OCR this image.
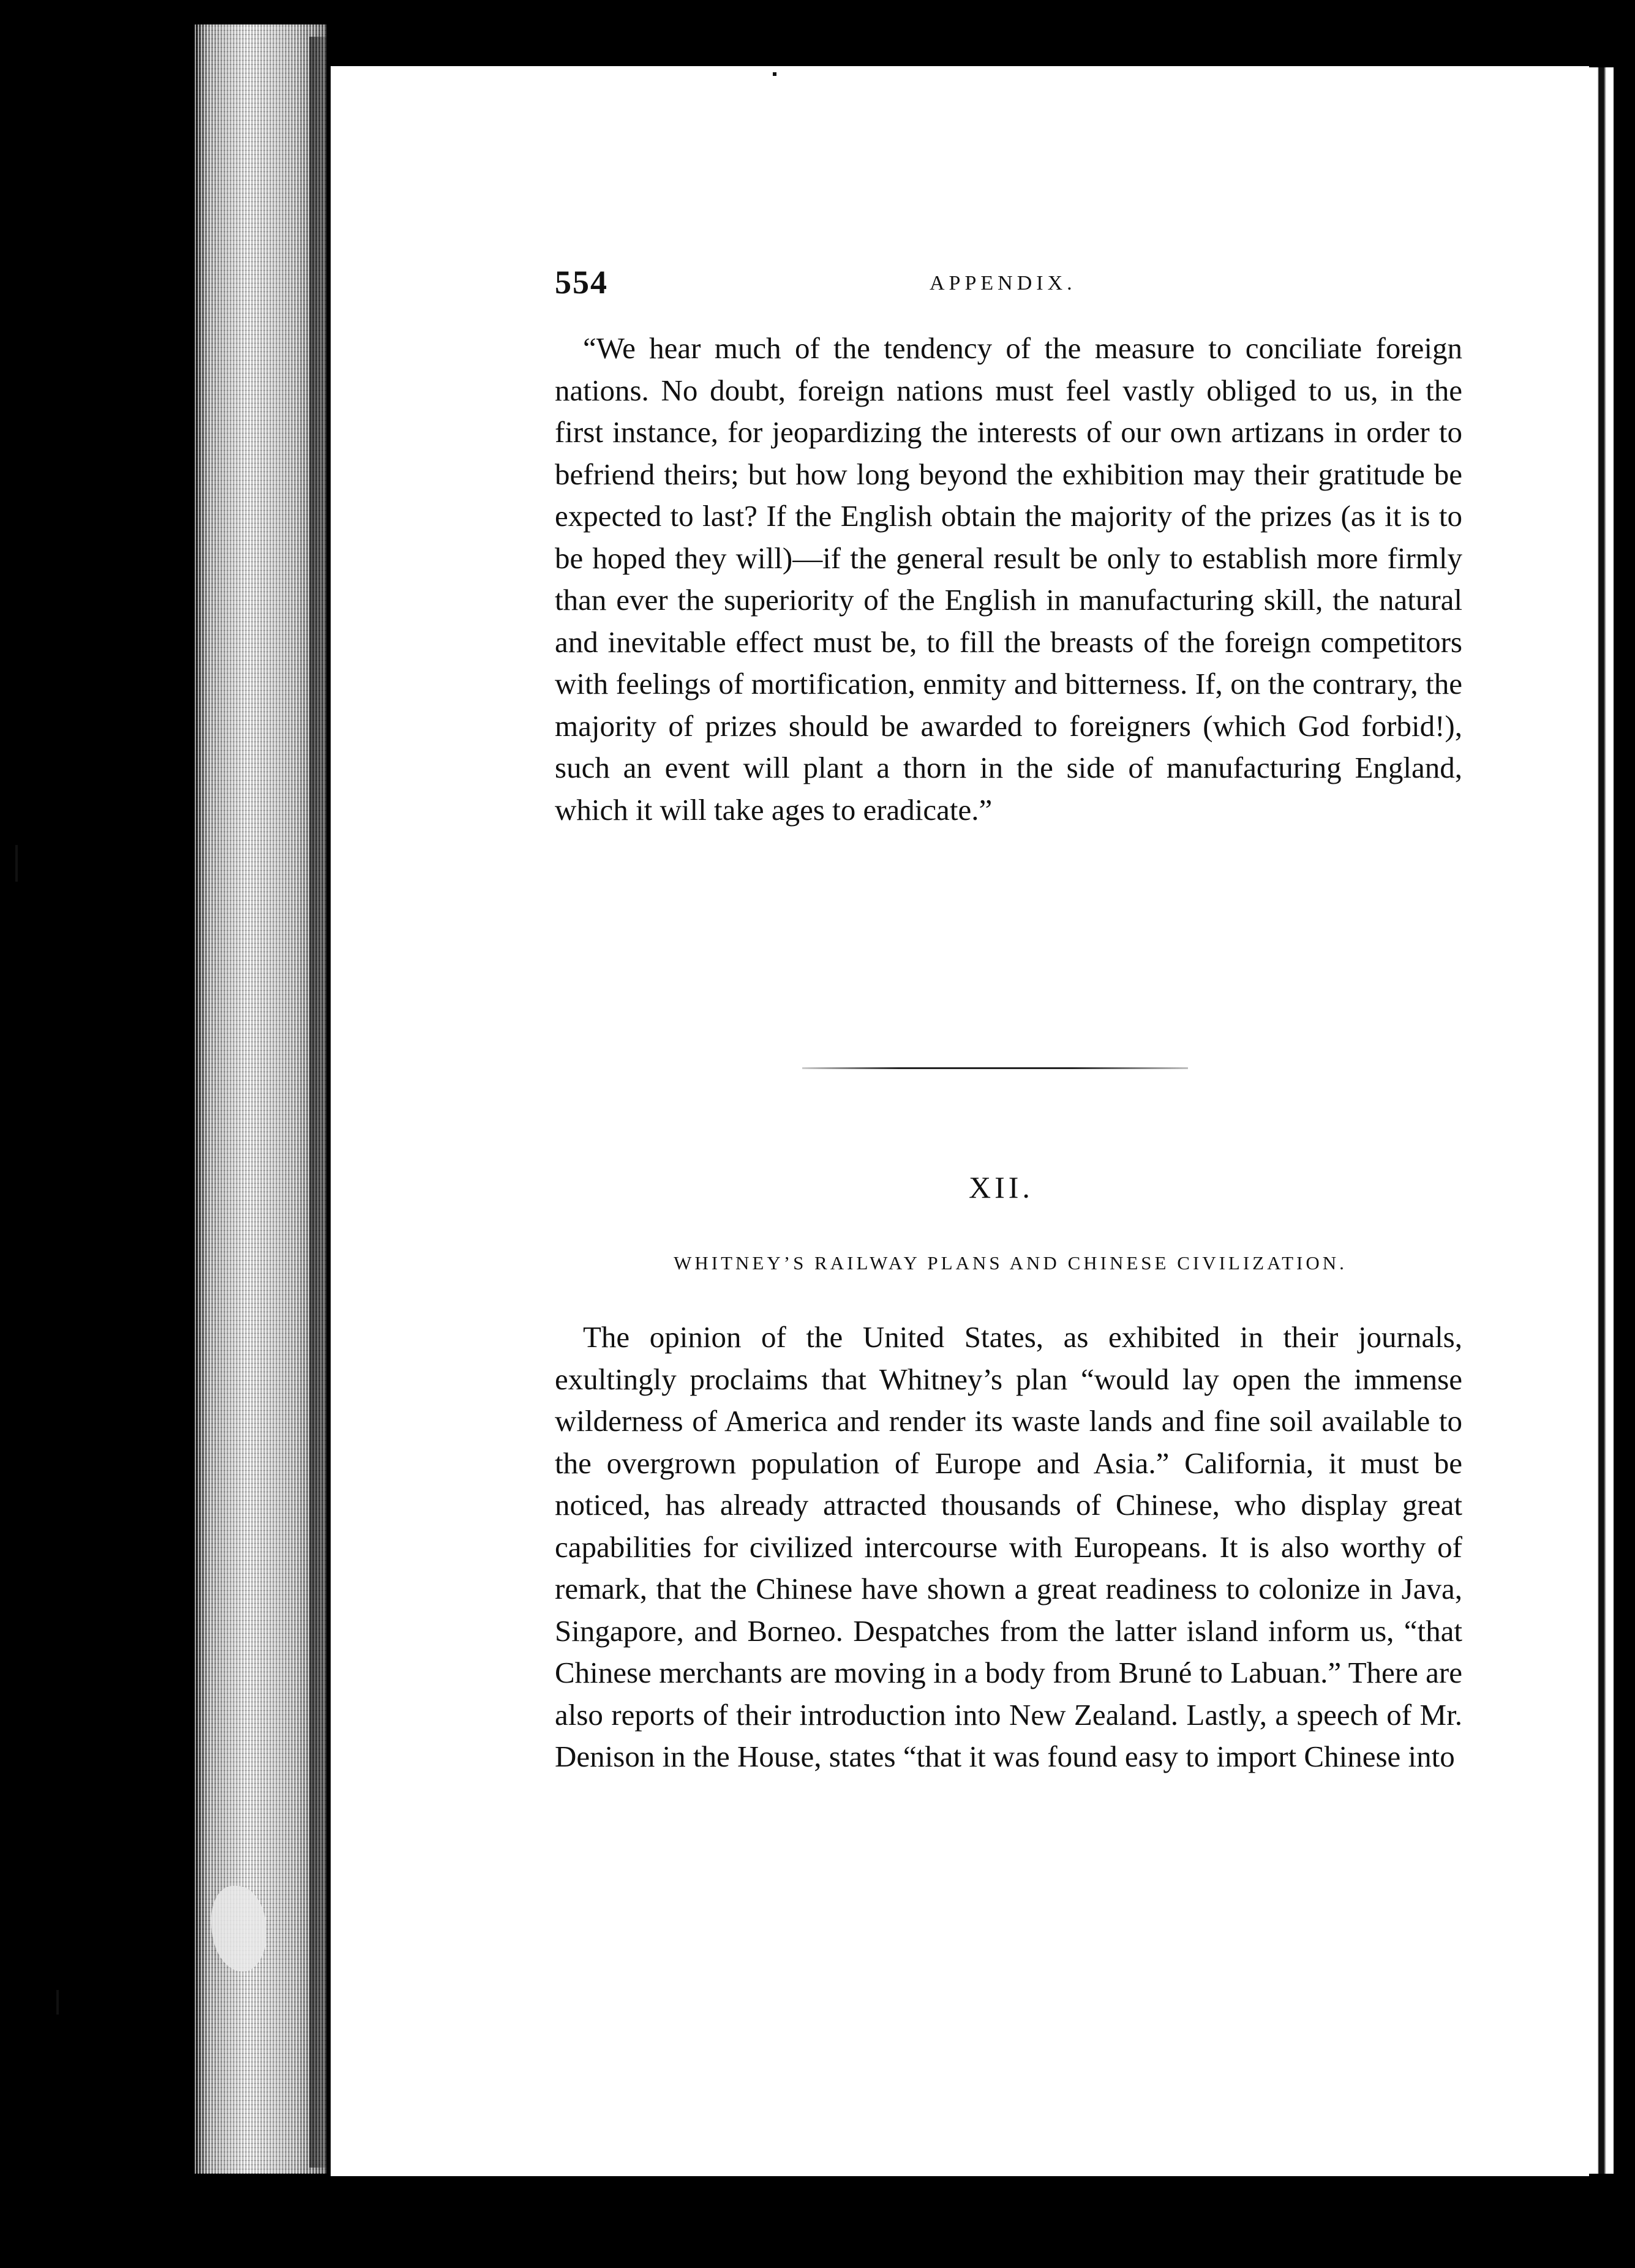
554	APPENDIX.

“We hear much of the tendency of the measure to conciliate foreign nations. No doubt, foreign nations must feel vastly obliged to us, in the first instance, for jeopardizing the interests of our own artizans in order to befriend theirs; but how long beyond the exhibition may their gratitude be expected to last? If the English obtain the majority of the prizes (as it is to be hoped they will)—if the general result be only to establish more firmly than ever the superiority of the English in manufacturing skill, the natural and inevitable effect must be, to fill the breasts of the foreign competitors with feelings of mortification, enmity and bitterness. If, on the contrary, the majority of prizes should be awarded to foreigners (which God forbid!), such an event will plant a thorn in the side of manufacturing England, which it will take ages to eradicate.”

XII.
WHITNEY’S RAILWAY PLANS AND CHINESE CIVILIZATION.

The opinion of the United States, as exhibited in their journals, exultingly proclaims that Whitney’s plan “would lay open the immense wilderness of America and render its waste lands and fine soil available to the overgrown population of Europe and Asia.” California, it must be noticed, has already attracted thousands of Chinese, who display great capabilities for civilized intercourse with Europeans. It is also worthy of remark, that the Chinese have shown a great readiness to colonize in Java, Singapore, and Borneo. Despatches from the latter island inform us, “that Chinese merchants are moving in a body from Bruné to Labuan.” There are also reports of their introduction into New Zealand. Lastly, a speech of Mr. Denison in the House, states “that it was found easy to import Chinese into
